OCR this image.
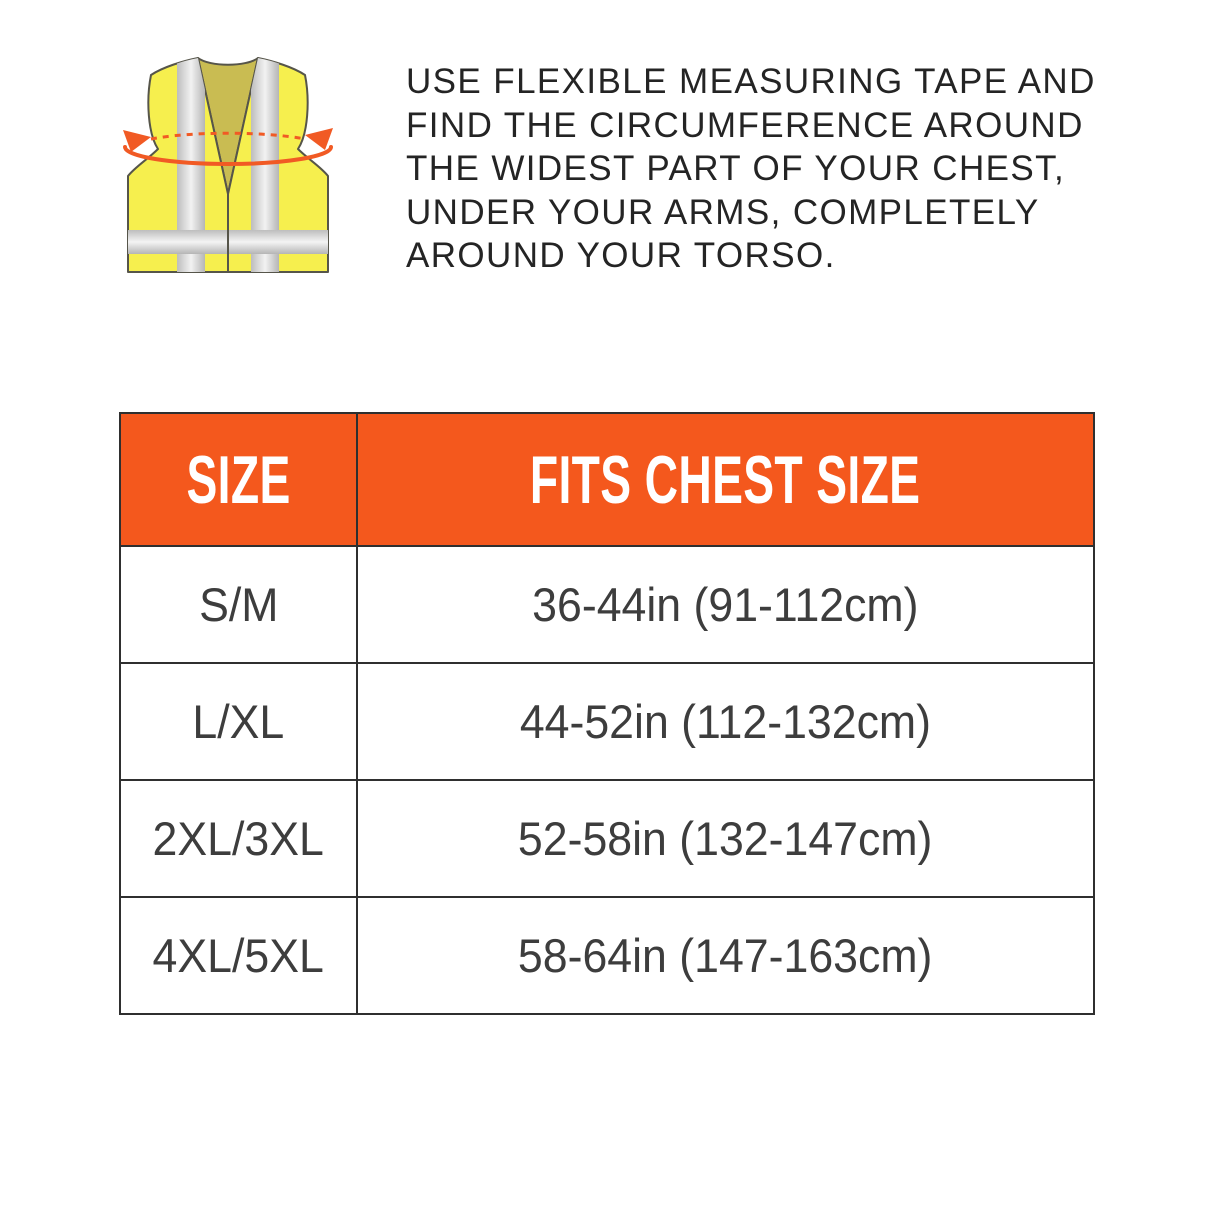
USE FLEXIBLE MEASURING TAPE AND
FIND THE CIRCUMFERENCE AROUND
THE WIDEST PART OF YOUR CHEST,
UNDER YOUR ARMS, COMPLETELY
AROUND YOUR TORSO.
SIZE	FITS CHEST SIZE
S/M	36-44in (91-112cm)
L/XL	44-52in (112-132cm)
2XL/3XL	52-58in (132-147cm)
4XL/5XL	58-64in (147-163cm)
